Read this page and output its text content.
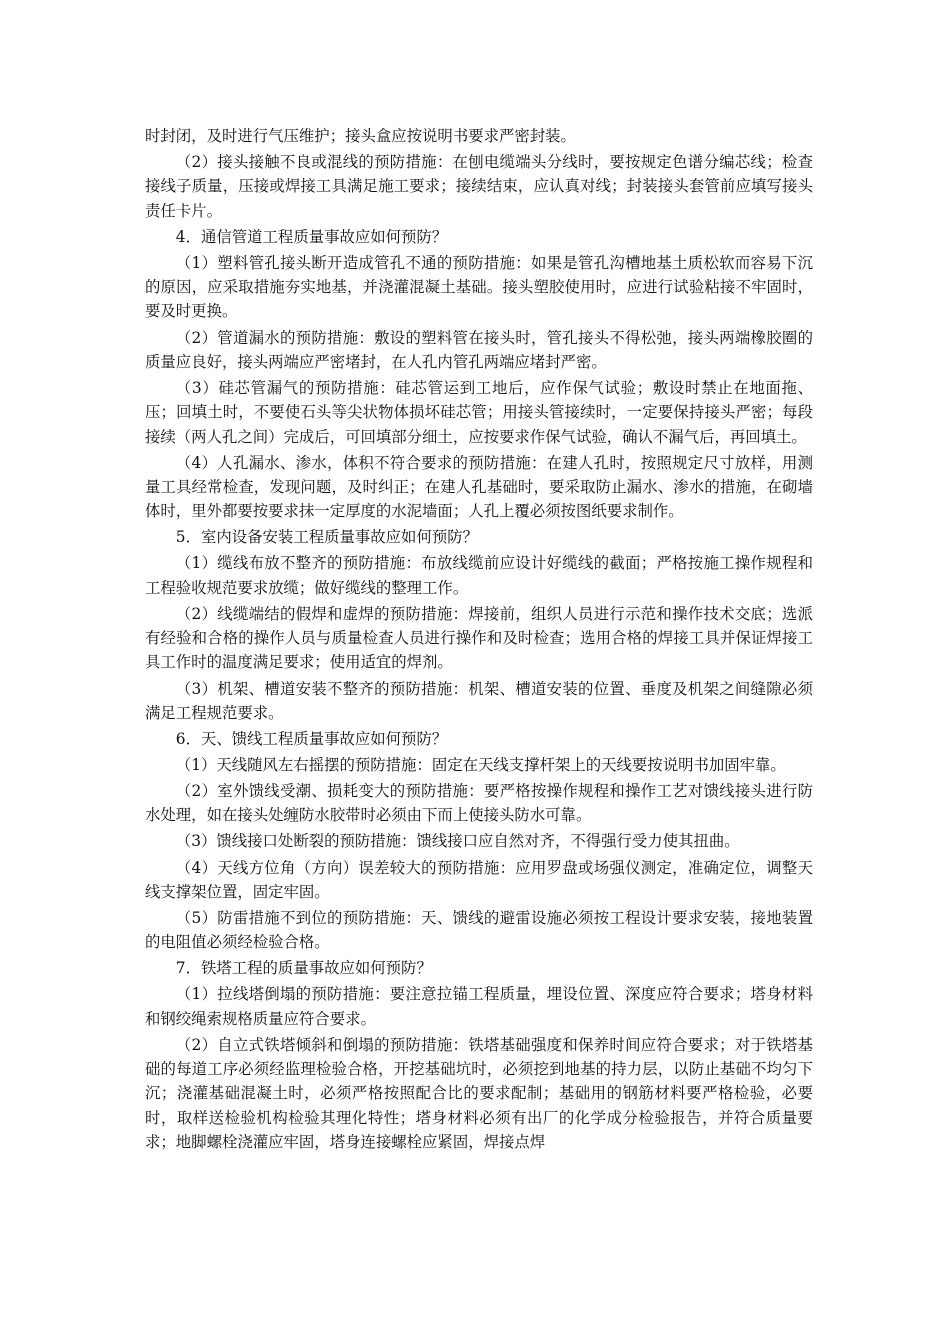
时封闭，及时进行气压维护；接头盒应按说明书要求严密封装。

（2）接头接触不良或混线的预防措施：在刨电缆端头分线时，要按规定色谱分编芯线；检查接线子质量，压接或焊接工具满足施工要求；接续结束，应认真对线；封装接头套管前应填写接头责任卡片。

4．通信管道工程质量事故应如何预防？

（1）塑料管孔接头断开造成管孔不通的预防措施：如果是管孔沟槽地基土质松软而容易下沉的原因，应采取措施夯实地基，并浇灌混凝土基础。接头塑胶使用时，应进行试验粘接不牢固时，要及时更换。

（2）管道漏水的预防措施：敷设的塑料管在接头时，管孔接头不得松弛，接头两端橡胶圈的质量应良好，接头两端应严密堵封，在人孔内管孔两端应堵封严密。

（3）硅芯管漏气的预防措施：硅芯管运到工地后，应作保气试验；敷设时禁止在地面拖、压；回填土时，不要使石头等尖状物体损坏硅芯管；用接头管接续时，一定要保持接头严密；每段接续（两人孔之间）完成后，可回填部分细土，应按要求作保气试验，确认不漏气后，再回填土。

（4）人孔漏水、渗水，体积不符合要求的预防措施：在建人孔时，按照规定尺寸放样，用测量工具经常检查，发现问题，及时纠正；在建人孔基础时，要采取防止漏水、渗水的措施，在砌墙体时，里外都要按要求抹一定厚度的水泥墙面；人孔上覆必须按图纸要求制作。

5．室内设备安装工程质量事故应如何预防？

（1）缆线布放不整齐的预防措施：布放线缆前应设计好缆线的截面；严格按施工操作规程和工程验收规范要求放缆；做好缆线的整理工作。

（2）线缆端结的假焊和虚焊的预防措施：焊接前，组织人员进行示范和操作技术交底；选派有经验和合格的操作人员与质量检查人员进行操作和及时检查；选用合格的焊接工具并保证焊接工具工作时的温度满足要求；使用适宜的焊剂。

（3）机架、槽道安装不整齐的预防措施：机架、槽道安装的位置、垂度及机架之间缝隙必须满足工程规范要求。

6．天、馈线工程质量事故应如何预防？

（1）天线随风左右摇摆的预防措施：固定在天线支撑杆架上的天线要按说明书加固牢靠。

（2）室外馈线受潮、损耗变大的预防措施：要严格按操作规程和操作工艺对馈线接头进行防水处理，如在接头处缠防水胶带时必须由下而上使接头防水可靠。

（3）馈线接口处断裂的预防措施：馈线接口应自然对齐，不得强行受力使其扭曲。

（4）天线方位角（方向）误差较大的预防措施：应用罗盘或场强仪测定，准确定位，调整天线支撑架位置，固定牢固。

（5）防雷措施不到位的预防措施：天、馈线的避雷设施必须按工程设计要求安装，接地装置的电阻值必须经检验合格。

7．铁塔工程的质量事故应如何预防？

（1）拉线塔倒塌的预防措施：要注意拉锚工程质量，埋设位置、深度应符合要求；塔身材料和钢绞绳索规格质量应符合要求。

（2）自立式铁塔倾斜和倒塌的预防措施：铁塔基础强度和保养时间应符合要求；对于铁塔基础的每道工序必须经监理检验合格，开挖基础坑时，必须挖到地基的持力层，以防止基础不均匀下沉；浇灌基础混凝土时，必须严格按照配合比的要求配制；基础用的钢筋材料要严格检验，必要时，取样送检验机构检验其理化特性；塔身材料必须有出厂的化学成分检验报告，并符合质量要求；地脚螺栓浇灌应牢固，塔身连接螺栓应紧固，焊接点焊
